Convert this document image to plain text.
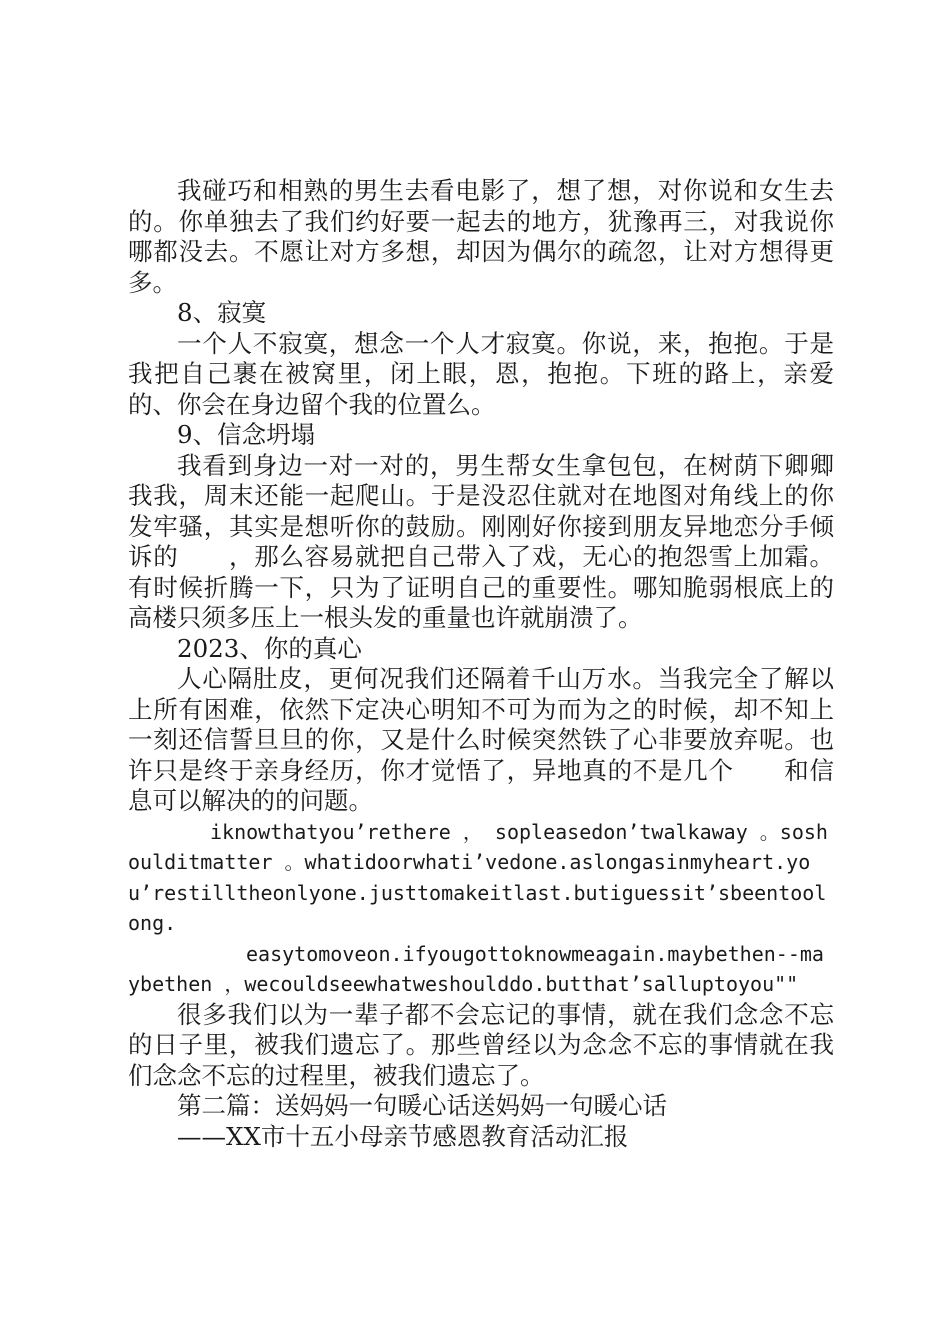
我碰巧和相熟的男生去看电影了，想了想，对你说和女生去的。你单独去了我们约好要一起去的地方，犹豫再三，对我说你哪都没去。不愿让对方多想，却因为偶尔的疏忽，让对方想得更多。

8、寂寞

一个人不寂寞，想念一个人才寂寞。你说，来，抱抱。于是我把自己裹在被窝里，闭上眼，恩，抱抱。下班的路上，亲爱的、你会在身边留个我的位置么。

9、信念坍塌

我看到身边一对一对的，男生帮女生拿包包，在树荫下卿卿我我，周末还能一起爬山。于是没忍住就对在地图对角线上的你发牢骚，其实是想听你的鼓励。刚刚好你接到朋友异地恋分手倾诉的　　，那么容易就把自己带入了戏，无心的抱怨雪上加霜。有时候折腾一下，只为了证明自己的重要性。哪知脆弱根底上的高楼只须多压上一根头发的重量也许就崩溃了。

2023、你的真心

人心隔肚皮，更何况我们还隔着千山万水。当我完全了解以上所有困难，依然下定决心明知不可为而为之的时候，却不知上一刻还信誓旦旦的你，又是什么时候突然铁了心非要放弃呢。也许只是终于亲身经历，你才觉悟了，异地真的不是几个　　和信息可以解决的的问题。

iknowthatyou’rethere ， sopleasedon’twalkaway 。soshoulditmatter 。whatidoorwhati’vedone.aslongasinmyheart.you’restilltheonlyone.justtomakeitlast.butiguessit’sbeentoolong.

easytomoveon.ifyougottoknowmeagain.maybethen--maybethen ，wecouldseewhatweshoulddo.butthat’salluptoyou""

很多我们以为一辈子都不会忘记的事情，就在我们念念不忘的日子里，被我们遗忘了。那些曾经以为念念不忘的事情就在我们念念不忘的过程里，被我们遗忘了。

第二篇：送妈妈一句暖心话送妈妈一句暖心话

——XX市十五小母亲节感恩教育活动汇报
